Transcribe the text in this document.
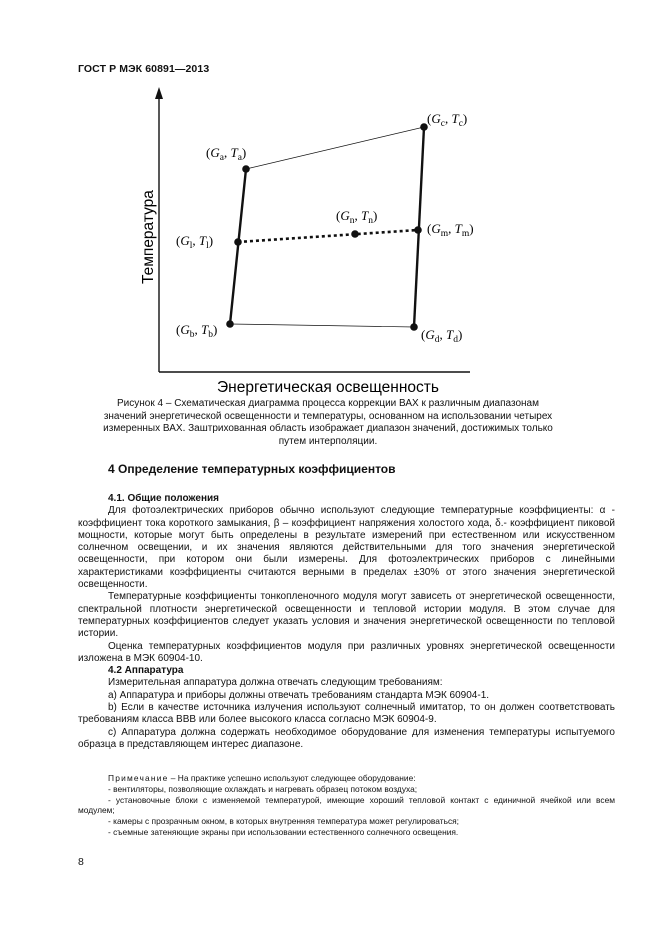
ГОСТ Р МЭК 60891—2013
($G_a$, $T_a$)
($G_c$, $T_c$)
($G_n$, $T_n$)
($G_l$, $T_l$)
($G_m$, $T_m$)
($G_b$, $T_b$)	($G_d$, $T_d$)
Температура
Энергетическая освещенность
Рисунок 4 – Схематическая диаграмма процесса коррекции ВАХ к различным диапазонам значений энергетической освещенности и температуры, основанном на использовании четырех измеренных ВАХ. Заштрихованная область изображает диапазон значений, достижимых только путем интерполяции.
4 Определение температурных коэффициентов

4.1. Общие положения

Для фотоэлектрических приборов обычно используют следующие температурные коэффициенты: α - коэффициент тока короткого замыкания, β – коэффициент напряжения холостого хода, δ.- коэффициент пиковой мощности, которые могут быть определены в результате измерений при естественном или искусственном солнечном освещении, и их значения являются действительными для того значения энергетической освещенности, при котором они были измерены. Для фотоэлектрических приборов с линейными характеристиками коэффициенты считаются верными в пределах ±30% от этого значения энергетической освещенности.

Температурные коэффициенты тонкопленочного модуля могут зависеть от энергетической освещенности, спектральной плотности энергетической освещенности и тепловой истории модуля. В этом случае для температурных коэффициентов следует указать условия и значения энергетической освещенности по тепловой истории.

Оценка температурных коэффициентов модуля при различных уровнях энергетической освещенности изложена в МЭК 60904-10.

4.2 Аппаратура

Измерительная аппаратура должна отвечать следующим требованиям:

а) Аппаратура и приборы должны отвечать требованиям стандарта МЭК 60904-1.

b) Если в качестве источника излучения используют солнечный имитатор, то он должен соответствовать требованиям класса ВВВ или более высокого класса согласно МЭК 60904-9.

с) Аппаратура должна содержать необходимое оборудование для изменения температуры испытуемого образца в представляющем интерес диапазоне.

Примечание – На практике успешно используют следующее оборудование:

- вентиляторы, позволяющие охлаждать и нагревать образец потоком воздуха;

- установочные блоки с изменяемой температурой, имеющие хороший тепловой контакт с единичной ячейкой или всем модулем;

- камеры с прозрачным окном, в которых внутренняя температура может регулироваться;

- съемные затеняющие экраны при использовании естественного солнечного освещения.

8
